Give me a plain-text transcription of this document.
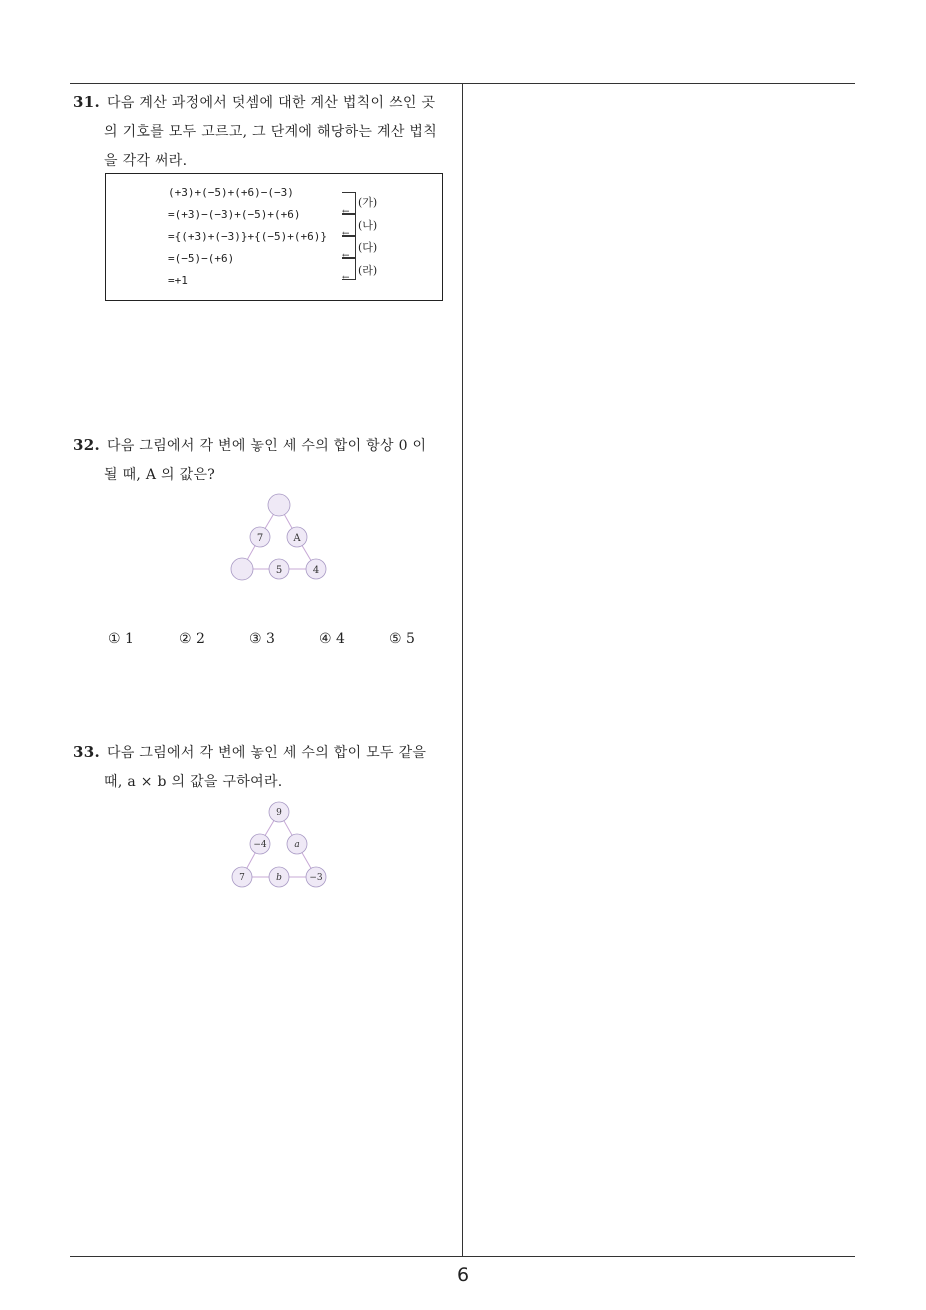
31. 다음 계산 과정에서 덧셈에 대한 계산 법칙이 쓰인 곳
의 기호를 모두 고르고, 그 단계에 해당하는 계산 법칙
을 각각 써라.
(+3)+(−5)+(+6)−(−3)
=(+3)−(−3)+(−5)+(+6)
={(+3)+(−3)}+{(−5)+(+6)}
=(−5)−(+6)
=+1
←
(가)
←
(나)
←
(다)
←
(라)
32. 다음 그림에서 각 변에 놓인 세 수의 합이 항상 0 이
될 때, A 의 값은?
7	A
5	4
① 1	② 2	③ 3	④ 4	⑤ 5
33. 다음 그림에서 각 변에 놓인 세 수의 합이 모두 같을
때, a × b 의 값을 구하여라.
9
−4	a
7	b	−3
6
